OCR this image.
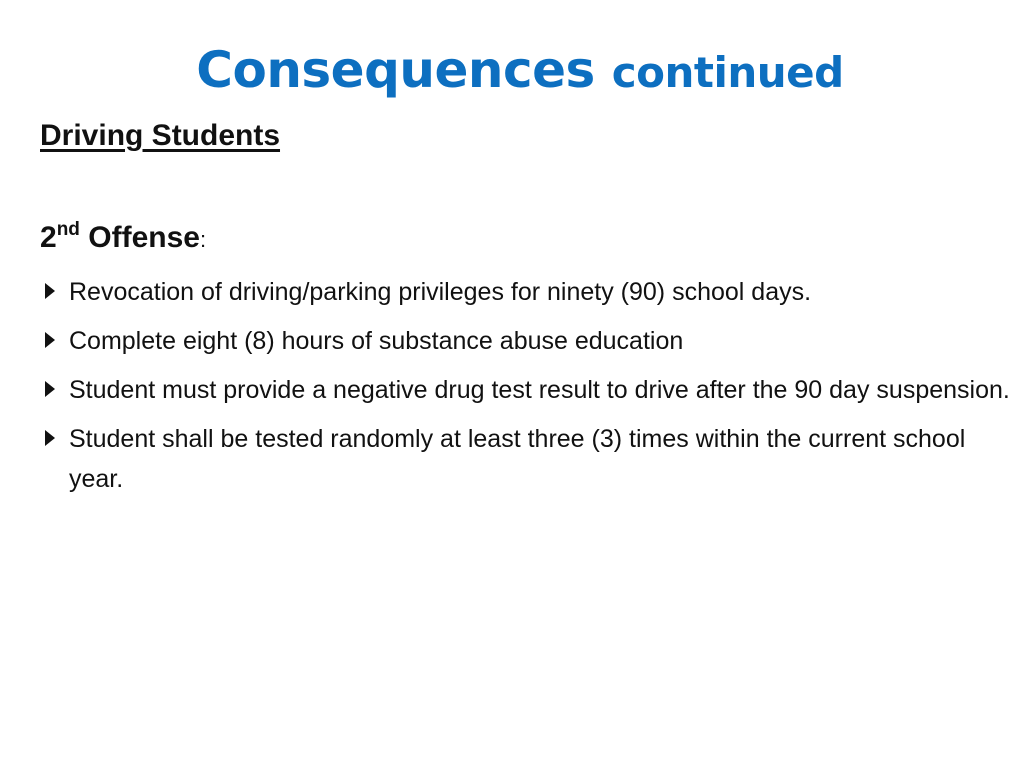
Consequences continued
Driving Students
2nd Offense:
Revocation of driving/parking privileges for ninety (90) school days.
Complete eight (8) hours of substance abuse education
Student must provide a negative drug test result to drive after the 90 day suspension.
Student shall be tested randomly at least three (3) times within the current school year.
